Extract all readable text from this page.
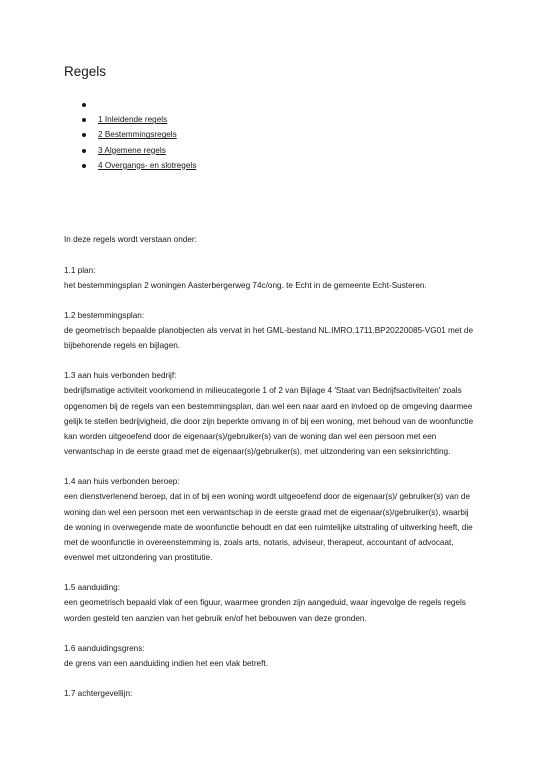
Regels
1 Inleidende regels
2 Bestemmingsregels
3 Algemene regels
4 Overgangs- en slotregels

In deze regels wordt verstaan onder:

1.1 plan:

het bestemmingsplan 2 woningen Aasterbergerweg 74c/ong. te Echt in de gemeente Echt-Susteren.

1.2 bestemmingsplan:

de geometrisch bepaalde planobjecten als vervat in het GML-bestand NL.IMRO.1711.BP20220085-VG01 met de

bijbehorende regels en bijlagen.

1.3 aan huis verbonden bedrijf:

bedrijfsmatige activiteit voorkomend in milieucategorie 1 of 2 van Bijlage 4 'Staat van Bedrijfsactiviteiten' zoals

opgenomen bij de regels van een bestemmingsplan, dan wel een naar aard en invloed op de omgeving daarmee

gelijk te stellen bedrijvigheid, die door zijn beperkte omvang in of bij een woning, met behoud van de woonfunctie

kan worden uitgeoefend door de eigenaar(s)/gebruiker(s) van de woning dan wel een persoon met een

verwantschap in de eerste graad met de eigenaar(s)/gebruiker(s), met uitzondering van een seksinrichting.

1.4 aan huis verbonden beroep:

een dienstverlenend beroep, dat in of bij een woning wordt uitgeoefend door de eigenaar(s)/ gebruiker(s) van de

woning dan wel een persoon met een verwantschap in de eerste graad met de eigenaar(s)/gebruiker(s), waarbij

de woning in overwegende mate de woonfunctie behoudt en dat een ruimtelijke uitstraling of uitwerking heeft, die

met de woonfunctie in overeenstemming is, zoals arts, notaris, adviseur, therapeut, accountant of advocaat,

evenwel met uitzondering van prostitutie.

1.5 aanduiding:

een geometrisch bepaald vlak of een figuur, waarmee gronden zijn aangeduid, waar ingevolge de regels regels

worden gesteld ten aanzien van het gebruik en/of het bebouwen van deze gronden.

1.6 aanduidingsgrens:

de grens van een aanduiding indien het een vlak betreft.

1.7 achtergevellijn:
